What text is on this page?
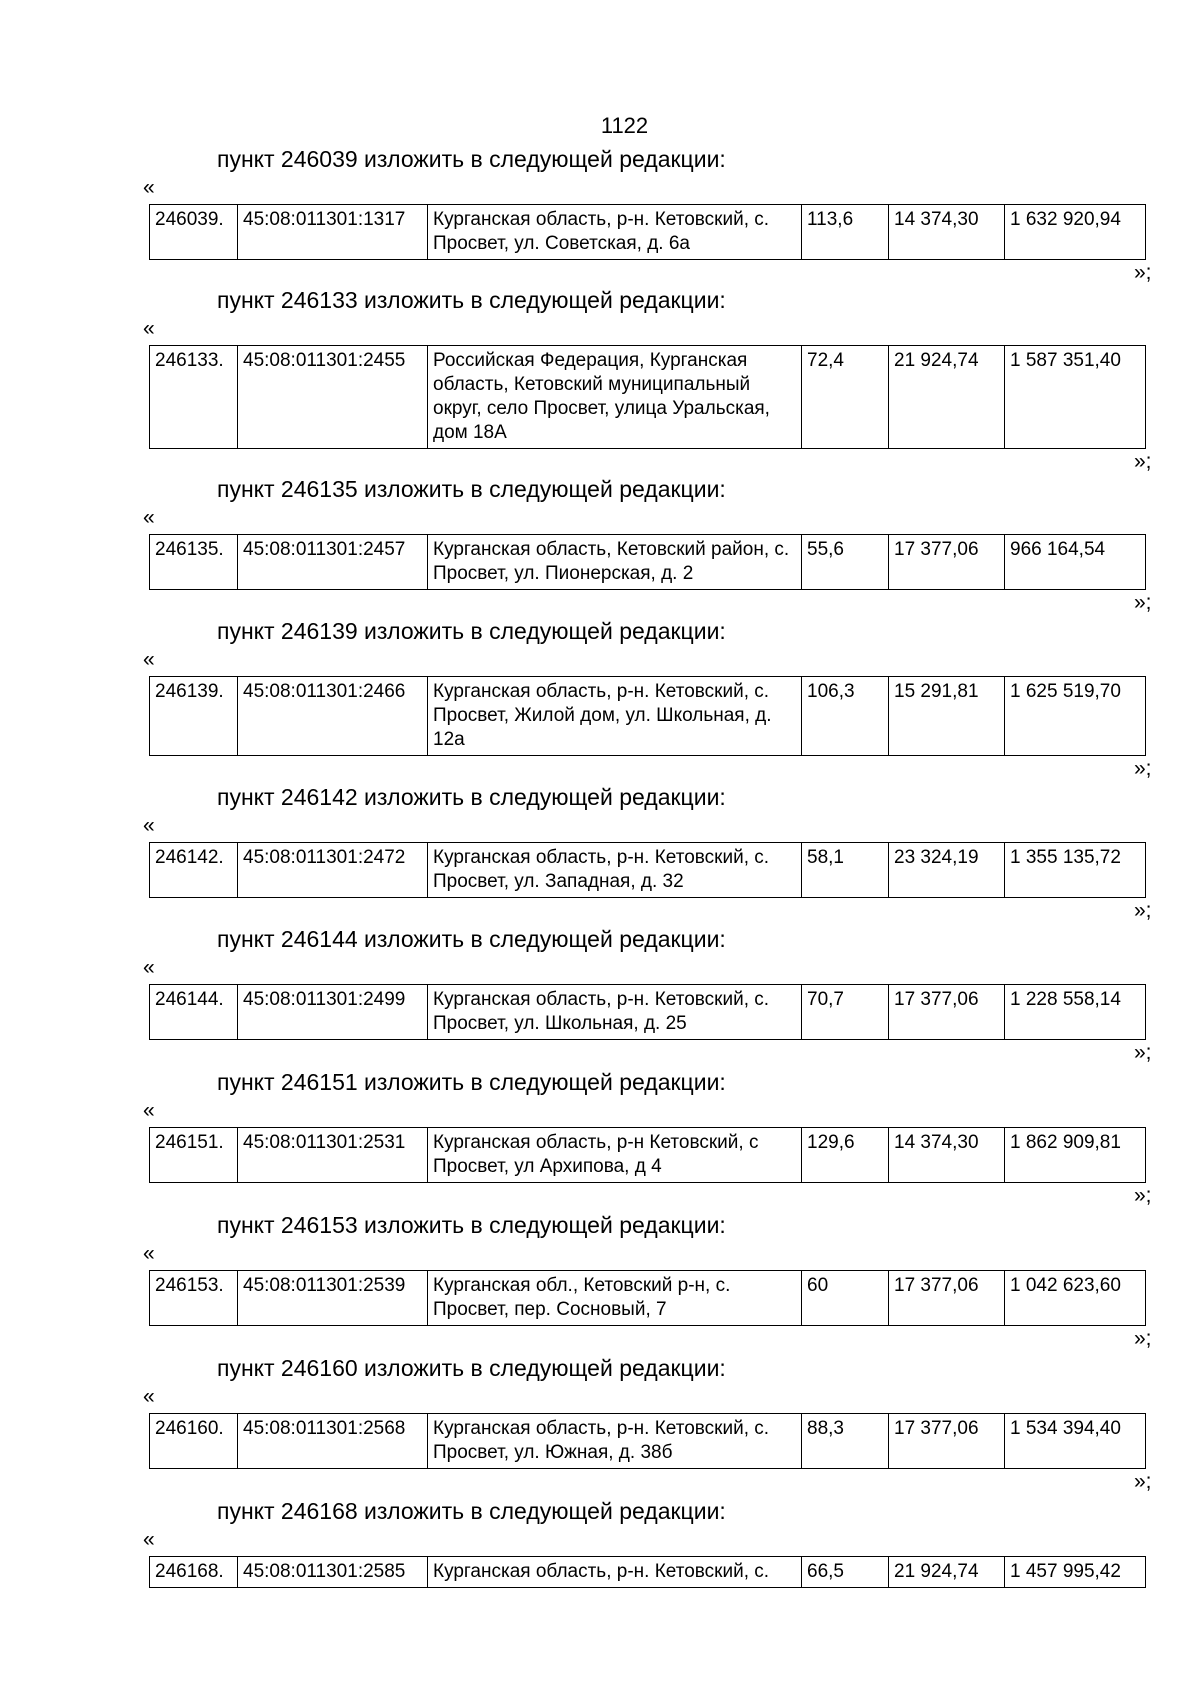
1122
пункт 246039 изложить в следующей редакции:
«
246039.	45:08:011301:1317	Курганская область, р-н. Кетовский, с. Просвет, ул. Советская, д. 6а	113,6	14 374,30	1 632 920,94
»;
пункт 246133 изложить в следующей редакции:
«
246133.	45:08:011301:2455	Российская Федерация, Курганская область, Кетовский муниципальный округ, село Просвет, улица Уральская, дом 18А	72,4	21 924,74	1 587 351,40
»;
пункт 246135 изложить в следующей редакции:
«
246135.	45:08:011301:2457	Курганская область, Кетовский район, с. Просвет, ул. Пионерская, д. 2	55,6	17 377,06	966 164,54
»;
пункт 246139 изложить в следующей редакции:
«
246139.	45:08:011301:2466	Курганская область, р-н. Кетовский, с. Просвет, Жилой дом, ул. Школьная, д. 12а	106,3	15 291,81	1 625 519,70
»;
пункт 246142 изложить в следующей редакции:
«
246142.	45:08:011301:2472	Курганская область, р-н. Кетовский, с. Просвет, ул. Западная, д. 32	58,1	23 324,19	1 355 135,72
»;
пункт 246144 изложить в следующей редакции:
«
246144.	45:08:011301:2499	Курганская область, р-н. Кетовский, с. Просвет, ул. Школьная, д. 25	70,7	17 377,06	1 228 558,14
»;
пункт 246151 изложить в следующей редакции:
«
246151.	45:08:011301:2531	Курганская область, р-н Кетовский, с Просвет, ул Архипова, д 4	129,6	14 374,30	1 862 909,81
»;
пункт 246153 изложить в следующей редакции:
«
246153.	45:08:011301:2539	Курганская обл., Кетовский р-н, с. Просвет, пер. Сосновый, 7	60	17 377,06	1 042 623,60
»;
пункт 246160 изложить в следующей редакции:
«
246160.	45:08:011301:2568	Курганская область, р-н. Кетовский, с. Просвет, ул. Южная, д. 38б	88,3	17 377,06	1 534 394,40
»;
пункт 246168 изложить в следующей редакции:
«
246168.	45:08:011301:2585	Курганская область, р-н. Кетовский, с.	66,5	21 924,74	1 457 995,42
